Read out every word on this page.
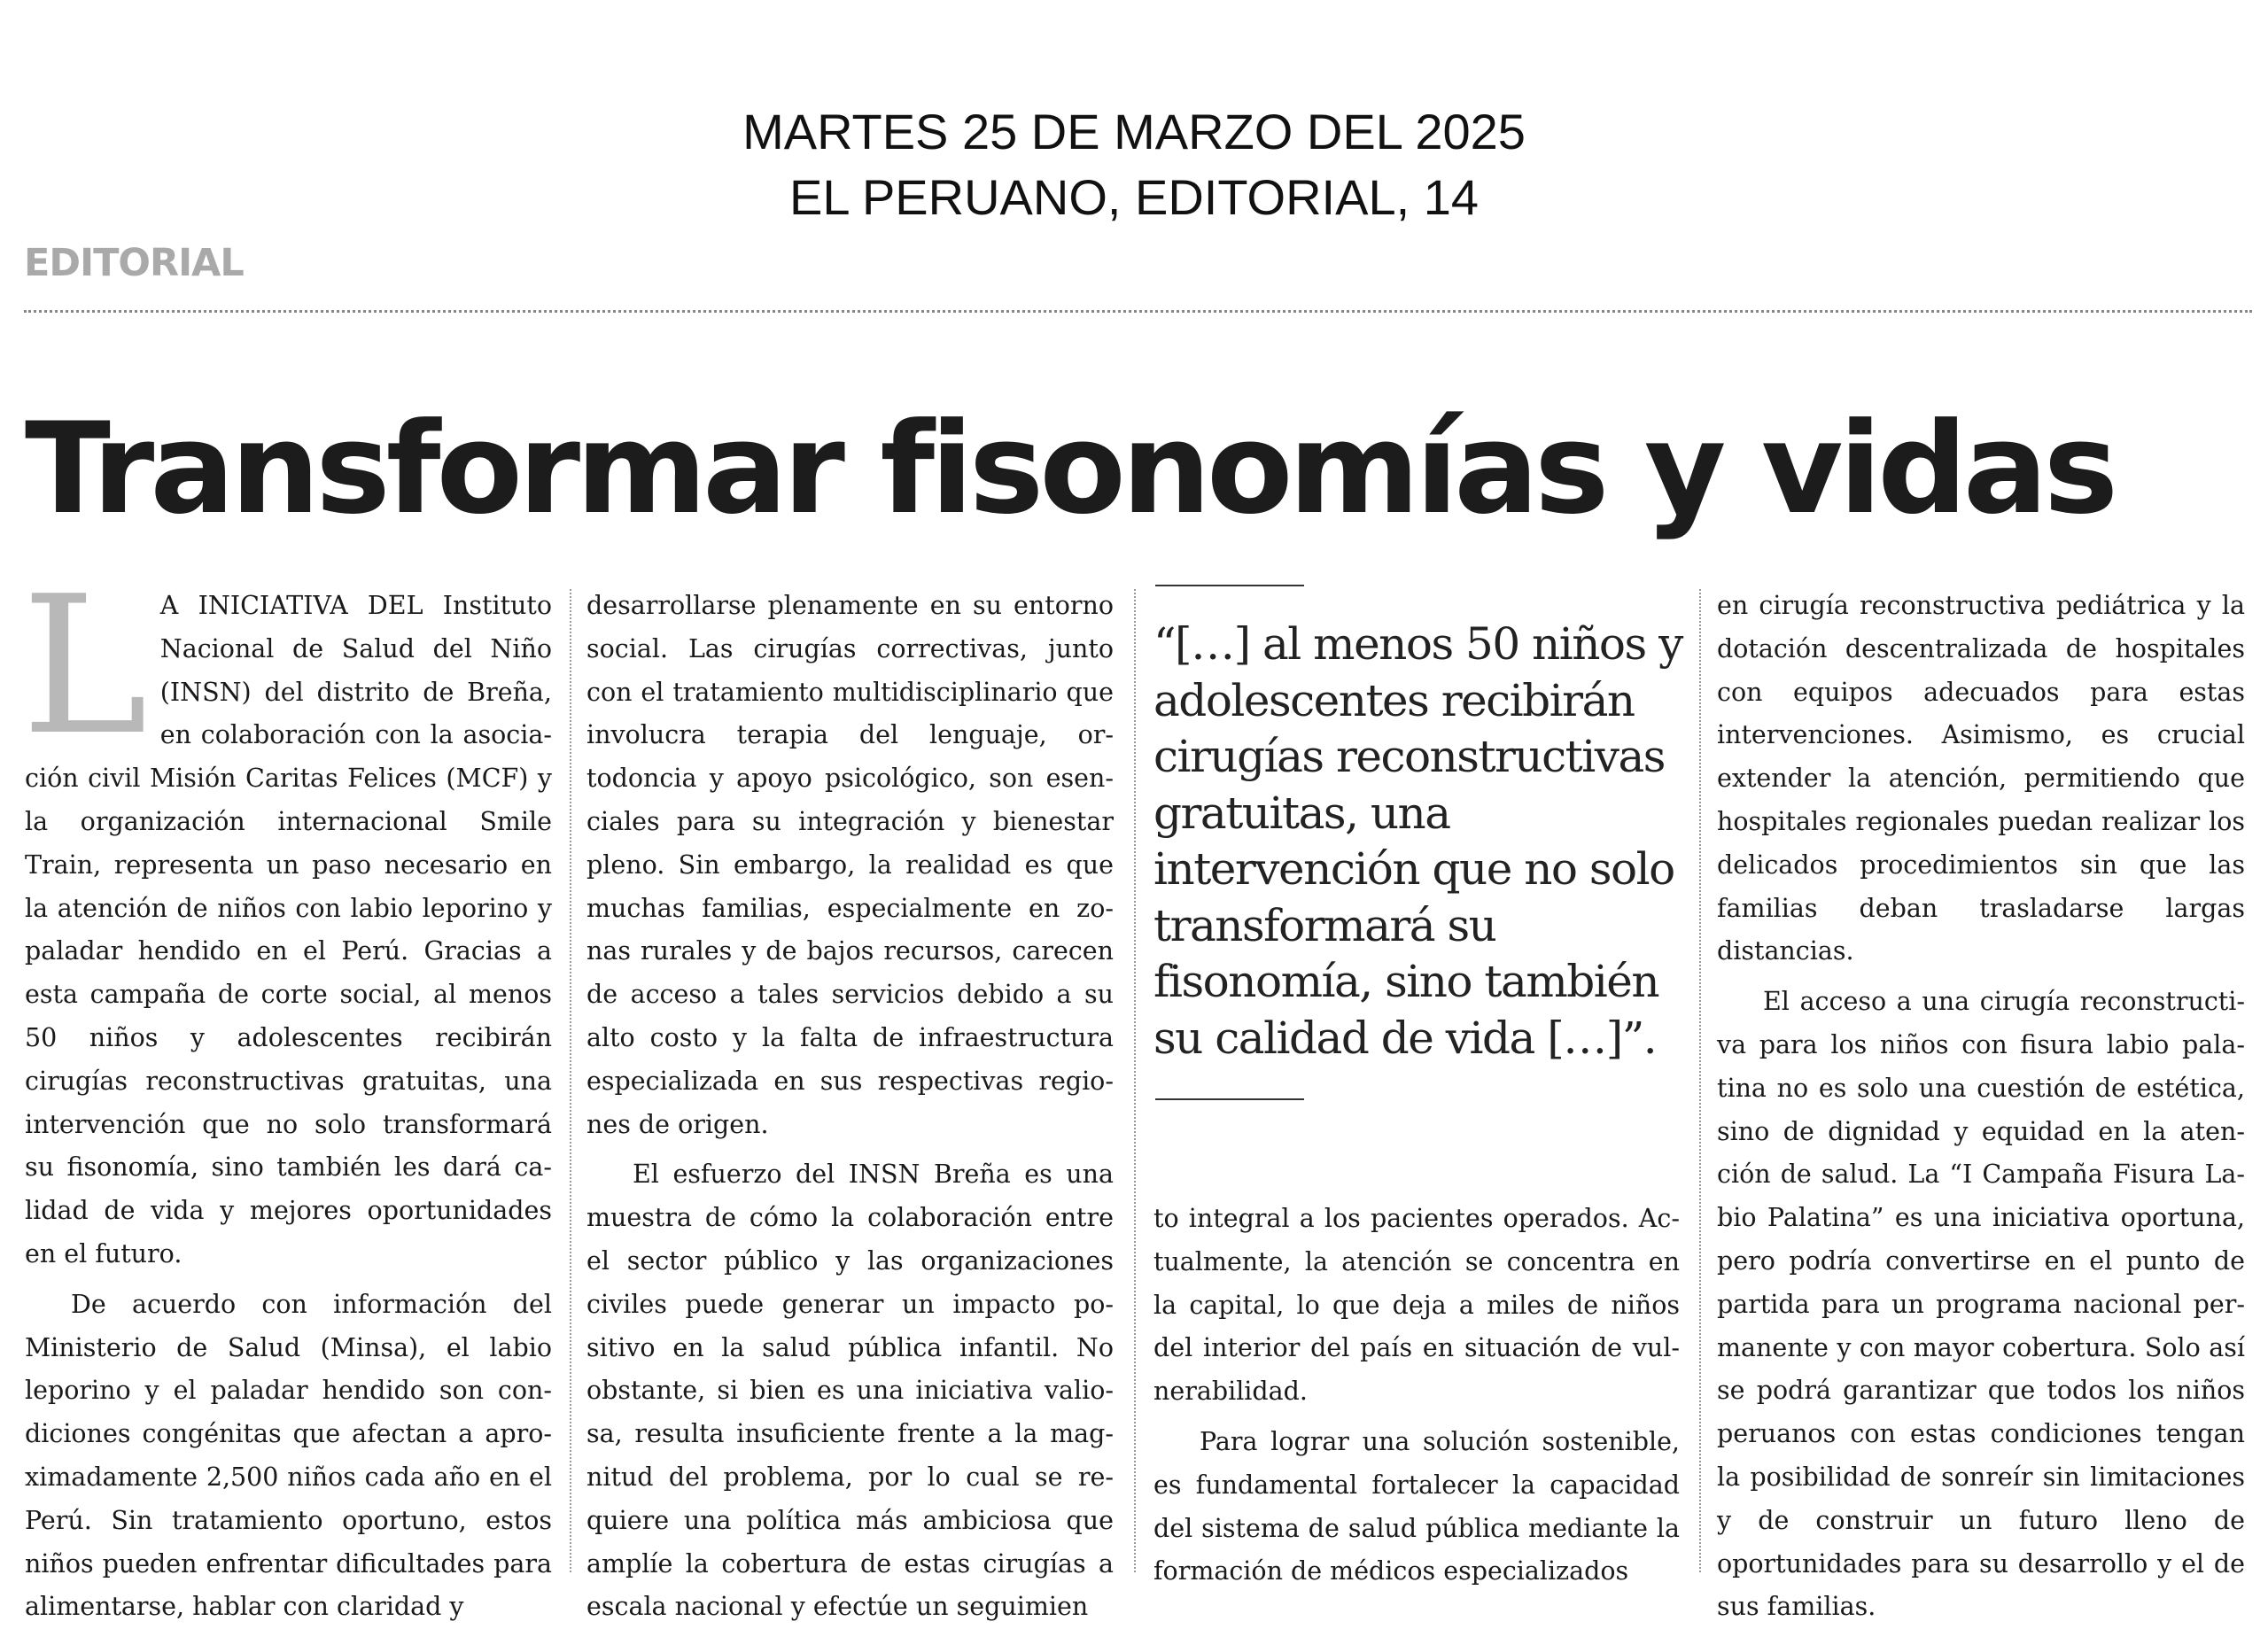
MARTES 25 DE MARZO DEL 2025
EL PERUANO, EDITORIAL, 14
EDITORIAL
Transformar fisonomías y vidas

L A INICIATIVA DEL Instituto Nacional de Salud del Niño (INSN) del distrito de Breña, en colaboración con la asociación civil Misión Caritas Felices (MCF) y la organización internacional Smile Train, representa un paso necesario en la atención de niños con labio leporino y paladar hendido en el Perú. Gracias a esta campaña de corte social, al menos 50 niños y adolescentes recibirán cirugías reconstructivas gratuitas, una intervención que no solo transformará su fisonomía, sino también les dará calidad de vida y mejores oportunidades en el futuro.

De acuerdo con información del Ministerio de Salud (Minsa), el labio leporino y el paladar hendido son condiciones congénitas que afectan a aproximadamente 2,500 niños cada año en el Perú. Sin tratamiento oportuno, estos niños pueden enfrentar dificultades para alimentarse, hablar con claridad y

desarrollarse plenamente en su entorno social. Las cirugías correctivas, junto con el tratamiento multidisciplinario que involucra terapia del lenguaje, ortodoncia y apoyo psicológico, son esenciales para su integración y bienestar pleno. Sin embargo, la realidad es que muchas familias, especialmente en zonas rurales y de bajos recursos, carecen de acceso a tales servicios debido a su alto costo y la falta de infraestructura especializada en sus respectivas regiones de origen.

El esfuerzo del INSN Breña es una muestra de cómo la colaboración entre el sector público y las organizaciones civiles puede generar un impacto positivo en la salud pública infantil. No obstante, si bien es una iniciativa valiosa, resulta insuficiente frente a la magnitud del problema, por lo cual se requiere una política más ambiciosa que amplíe la cobertura de estas cirugías a escala nacional y efectúe un seguimien

“[…] al menos 50 niños y adolescentes recibirán cirugías reconstructivas gratuitas, una intervención que no solo transformará su fisonomía, sino también su calidad de vida […]”.

to integral a los pacientes operados. Actualmente, la atención se concentra en la capital, lo que deja a miles de niños del interior del país en situación de vulnerabilidad.

Para lograr una solución sostenible, es fundamental fortalecer la capacidad del sistema de salud pública mediante la formación de médicos especializados

en cirugía reconstructiva pediátrica y la dotación descentralizada de hospitales con equipos adecuados para estas intervenciones. Asimismo, es crucial extender la atención, permitiendo que hospitales regionales puedan realizar los delicados procedimientos sin que las familias deban trasladarse largas distancias.

El acceso a una cirugía reconstructiva para los niños con fisura labio palatina no es solo una cuestión de estética, sino de dignidad y equidad en la atención de salud. La “I Campaña Fisura Labio Palatina” es una iniciativa oportuna, pero podría convertirse en el punto de partida para un programa nacional permanente y con mayor cobertura. Solo así se podrá garantizar que todos los niños peruanos con estas condiciones tengan la posibilidad de sonreír sin limitaciones y de construir un futuro lleno de oportunidades para su desarrollo y el de sus familias.
